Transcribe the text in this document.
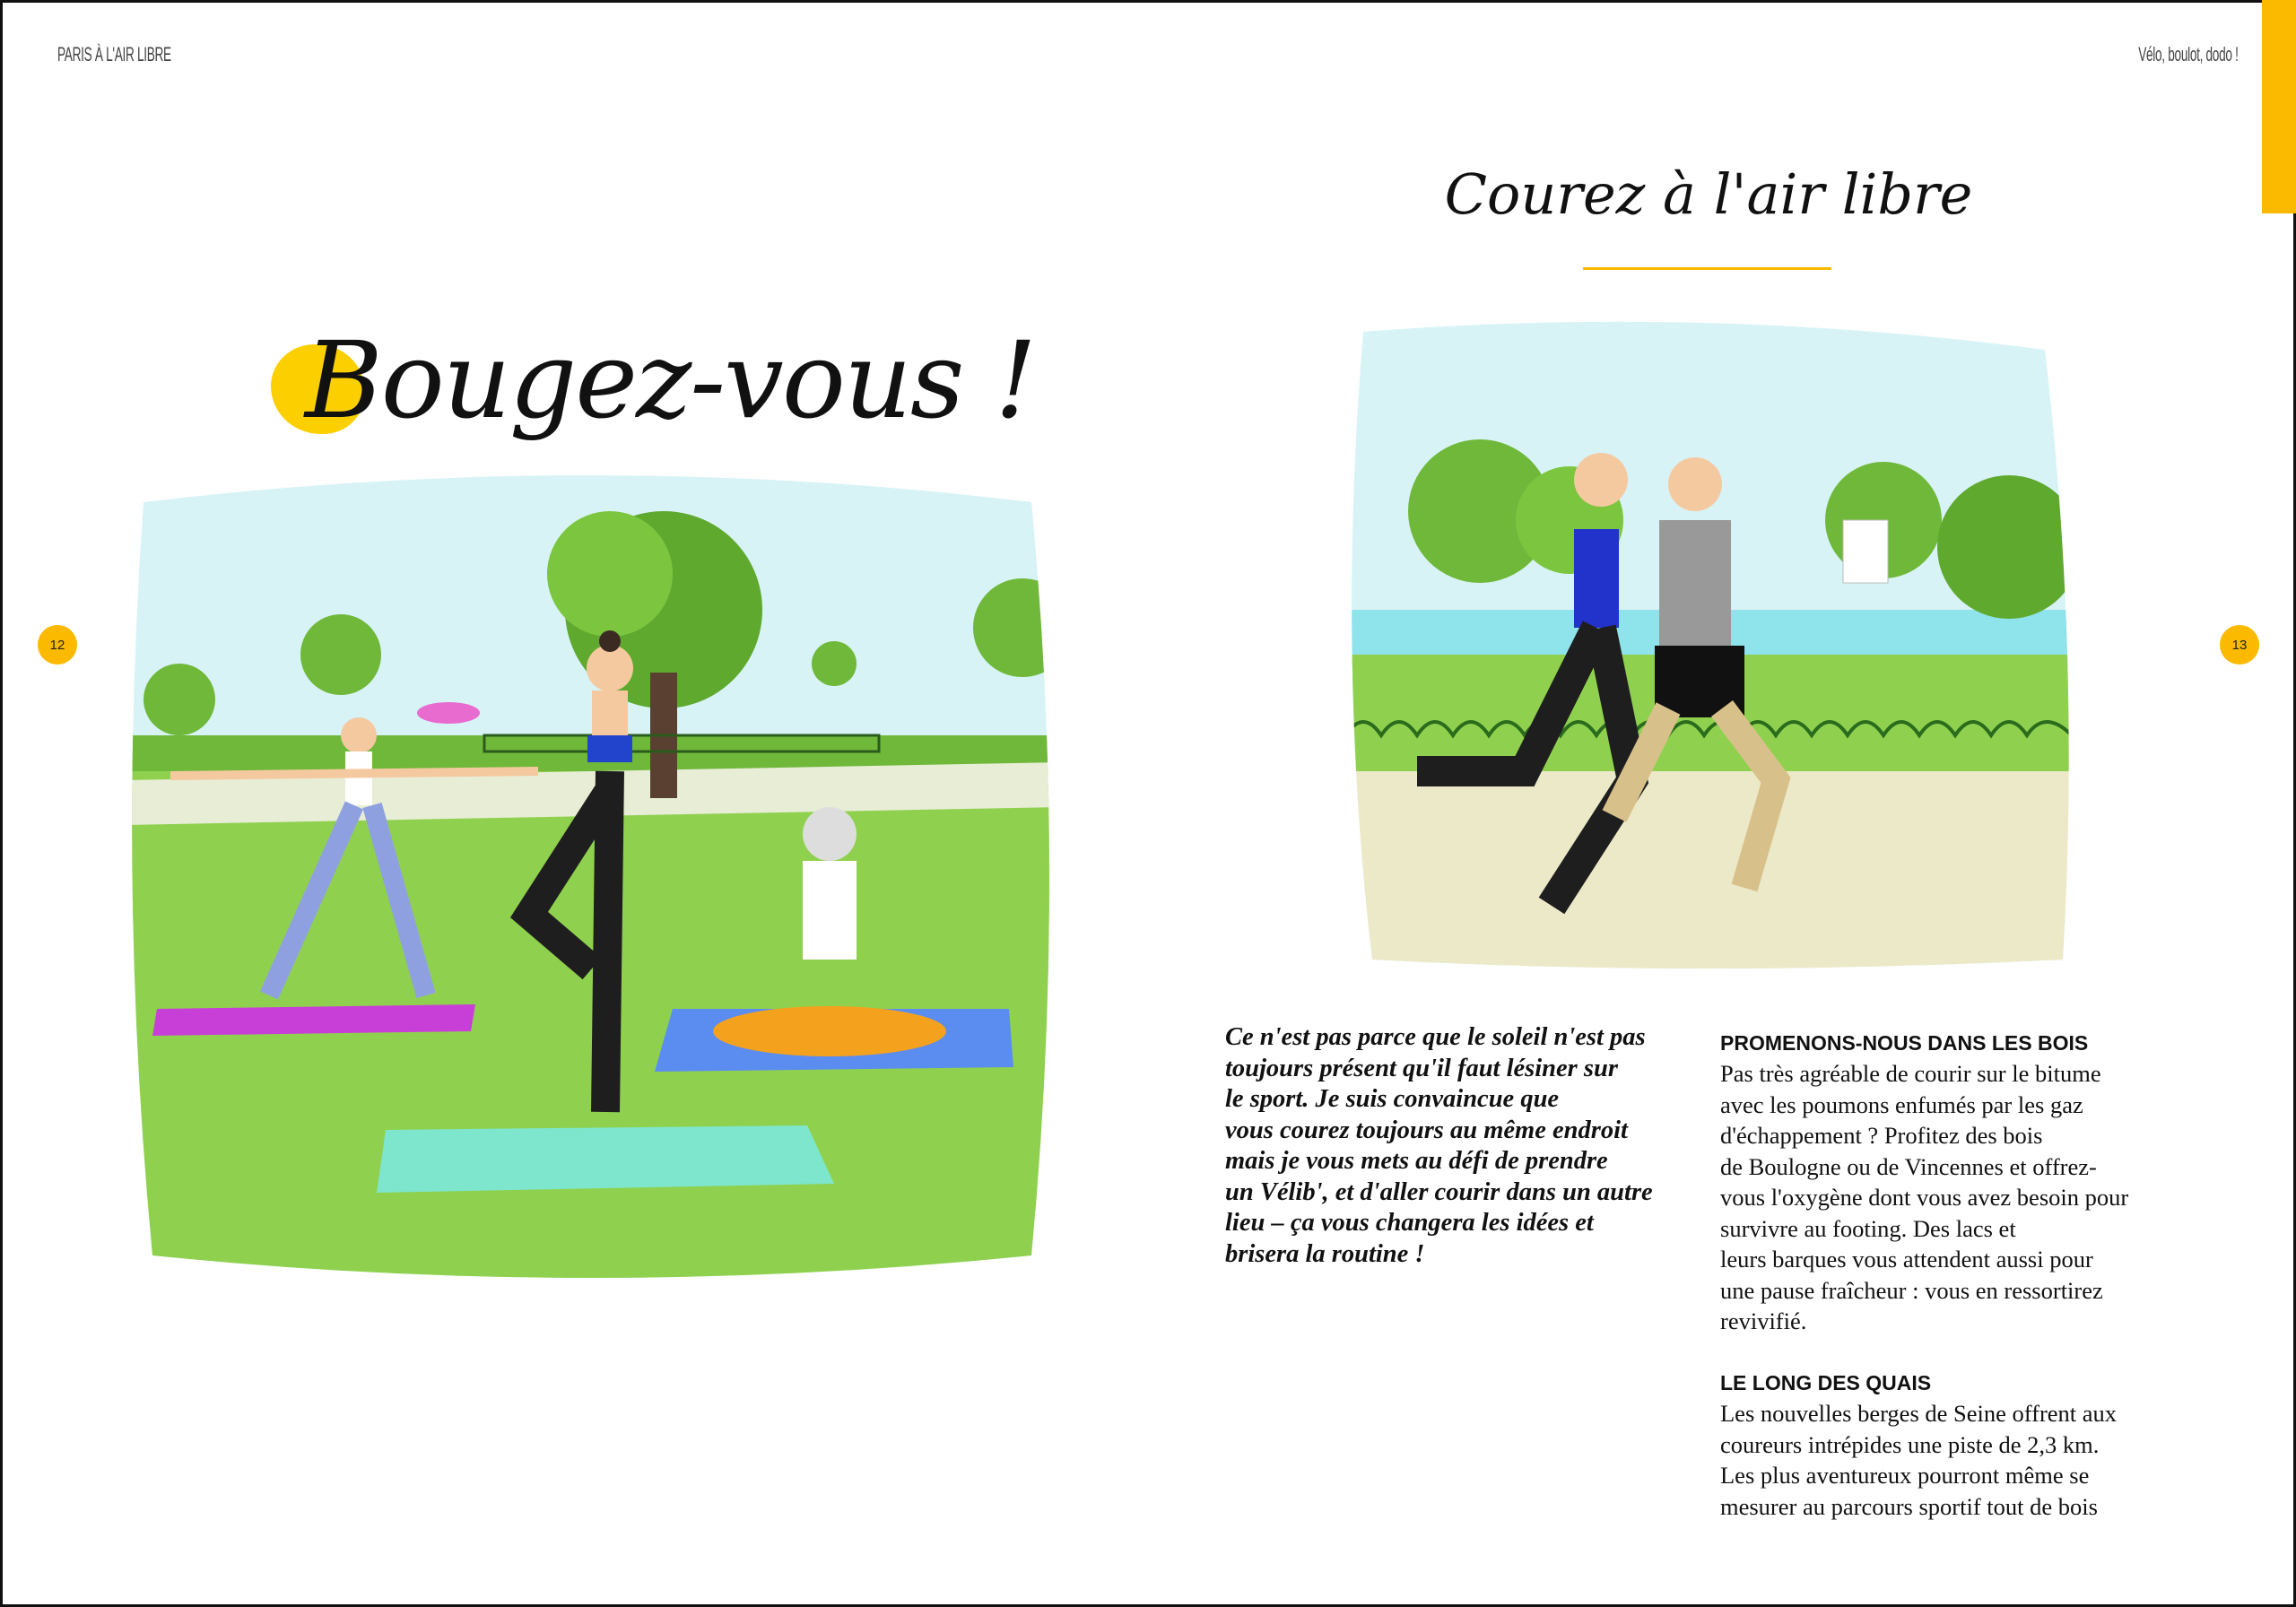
PARIS À L'AIR LIBRE	Vélo, boulot, dodo !
12	13
Bougez-vous !
Courez à l'air libre
Ce n'est pas parce que le soleil n'est pas
toujours présent qu'il faut lésiner sur
le sport. Je suis convaincue que
vous courez toujours au même endroit
mais je vous mets au défi de prendre
un Vélib', et d'aller courir dans un autre
lieu – ça vous changera les idées et
brisera la routine !
PROMENONS-NOUS DANS LES BOIS

Pas très agréable de courir sur le bitume
avec les poumons enfumés par les gaz
d'échappement ? Profitez des bois
de Boulogne ou de Vincennes et offrez-
vous l'oxygène dont vous avez besoin pour
survivre au footing. Des lacs et
leurs barques vous attendent aussi pour
une pause fraîcheur : vous en ressortirez
revivifié.

LE LONG DES QUAIS

Les nouvelles berges de Seine offrent aux
coureurs intrépides une piste de 2,3 km.
Les plus aventureux pourront même se
mesurer au parcours sportif tout de bois
